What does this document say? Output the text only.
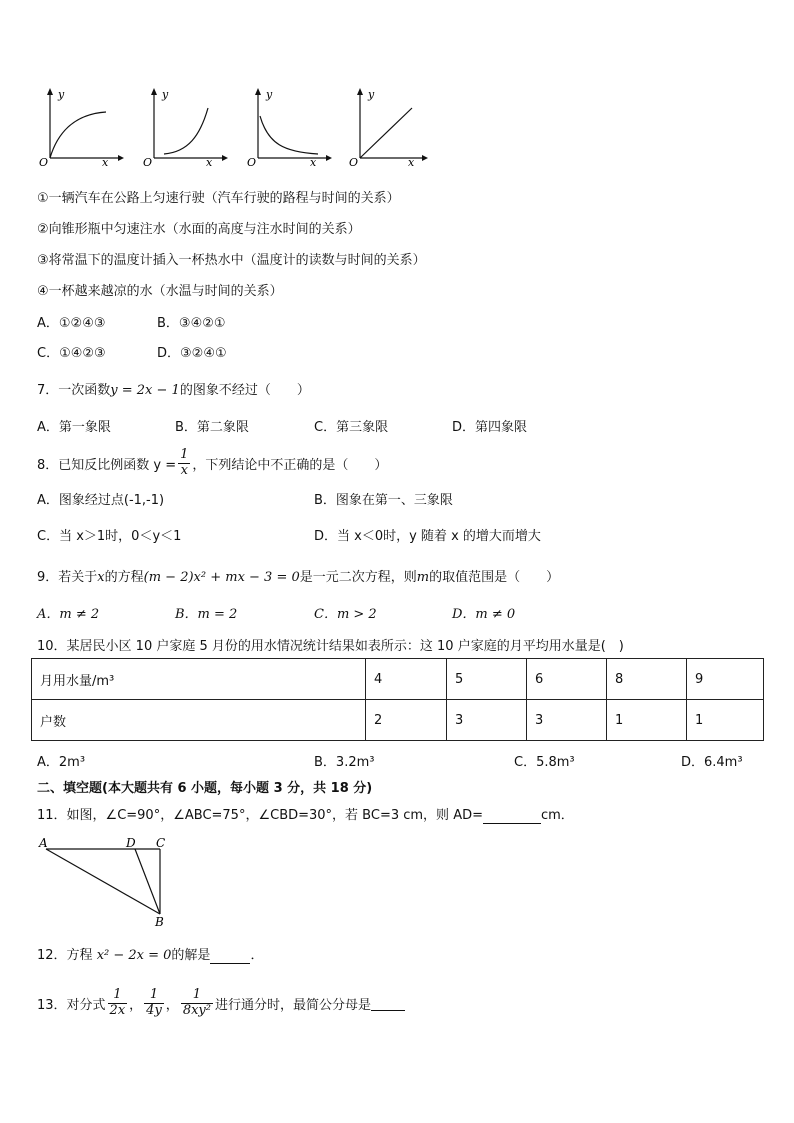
y
O	x
y
O	x
y
O	x
y
O	x
①一辆汽车在公路上匀速行驶（汽车行驶的路程与时间的关系）
②向锥形瓶中匀速注水（水面的高度与注水时间的关系）
③将常温下的温度计插入一杯热水中（温度计的读数与时间的关系）
④一杯越来越凉的水（水温与时间的关系）
A．①②④③	B．③④②①
C．①④②③	D．③②④①
7．一次函数y = 2x − 1的图象不经过（　　）
A．第一象限	B．第二象限	C．第三象限	D．第四象限
8．已知反比例函数 $y = \frac{1}{x}$ ，下列结论中不正确的是（　　）
A．图象经过点(-1,-1)	B．图象在第一、三象限
C．当 x＞1时，0＜y＜1	D．当 x＜0时，y 随着 x 的增大而增大
9．若关于x的方程(m − 2)x² + mx − 3 = 0是一元二次方程，则m的取值范围是（　　）
A．m ≠ 2	B．m = 2	C．m > 2	D．m ≠ 0
10．某居民小区 10 户家庭 5 月份的用水情况统计结果如表所示：这 10 户家庭的月平均用水量是(　)
月用水量/m³	4	5	6	8	9
户数	2	3	3	1	1
A．2m³	B．3.2m³	C．5.8m³	D．6.4m³
二、填空题(本大题共有 6 小题，每小题 3 分，共 18 分)
11．如图，∠C=90°，∠ABC=75°，∠CBD=30°，若 BC=3 cm，则 AD=	cm．
A	D C
B
12．方程 x² − 2x = 0的解是	．
13．对分式 $\frac{1}{2x}$ ， $\frac{1}{4y}$ ， $\frac{1}{\text{8xy²}}$ 进行通分时，最简公分母是
